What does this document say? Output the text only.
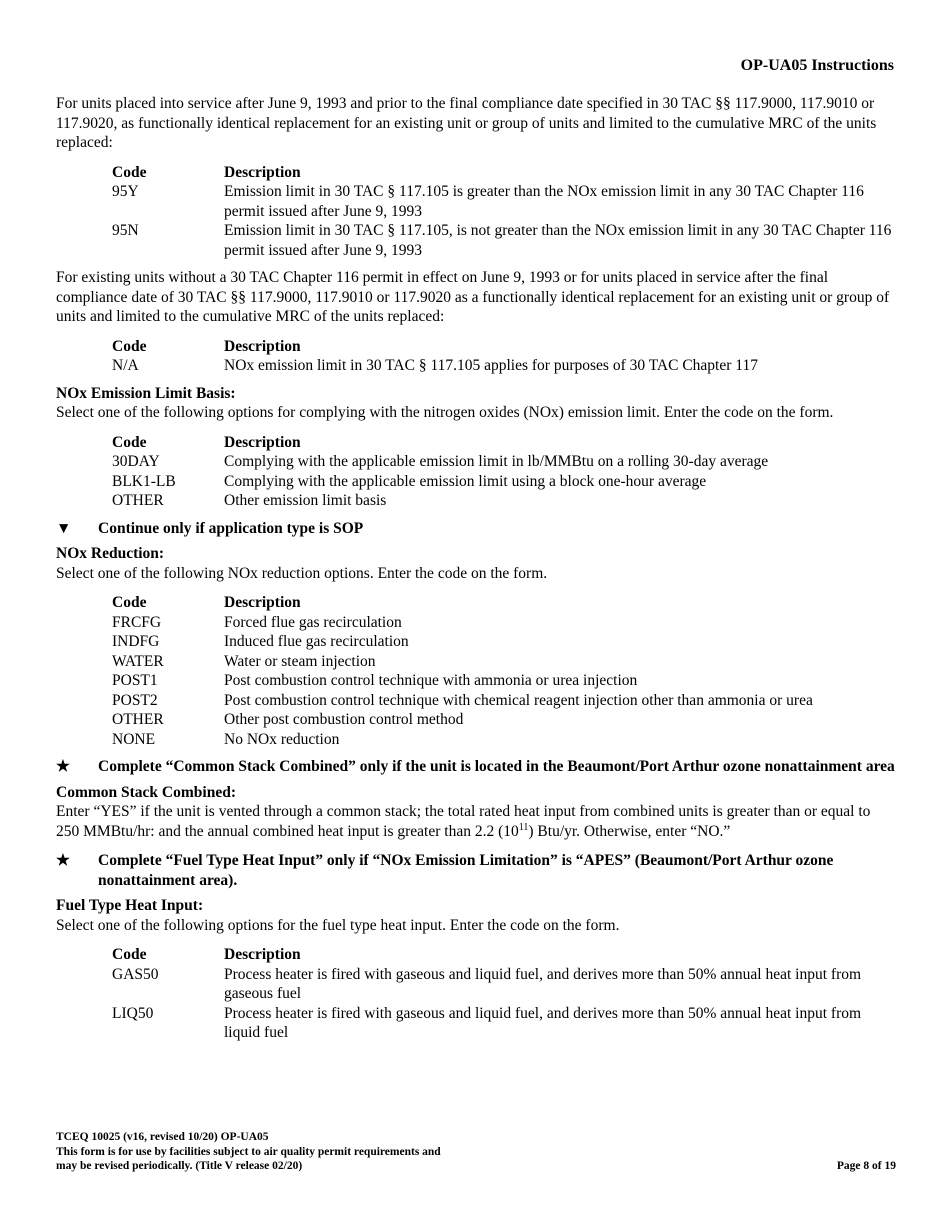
OP-UA05 Instructions

For units placed into service after June 9, 1993 and prior to the final compliance date specified in 30 TAC §§ 117.9000, 117.9010 or 117.9020, as functionally identical replacement for an existing unit or group of units and limited to the cumulative MRC of the units replaced:

Code	Description
95Y	Emission limit in 30 TAC § 117.105 is greater than the NOx emission limit in any 30 TAC Chapter 116 permit issued after June 9, 1993
95N	Emission limit in 30 TAC § 117.105, is not greater than the NOx emission limit in any 30 TAC Chapter 116 permit issued after June 9, 1993

For existing units without a 30 TAC Chapter 116 permit in effect on June 9, 1993 or for units placed in service after the final compliance date of 30 TAC §§ 117.9000, 117.9010 or 117.9020 as a functionally identical replacement for an existing unit or group of units and limited to the cumulative MRC of the units replaced:

Code	Description
N/A	NOx emission limit in 30 TAC § 117.105 applies for purposes of 30 TAC Chapter 117
NOx Emission Limit Basis:

Select one of the following options for complying with the nitrogen oxides (NOx) emission limit. Enter the code on the form.

Code	Description
30DAY	Complying with the applicable emission limit in lb/MMBtu on a rolling 30-day average
BLK1-LB	Complying with the applicable emission limit using a block one-hour average
OTHER	Other emission limit basis
▼	Continue only if application type is SOP
NOx Reduction:

Select one of the following NOx reduction options. Enter the code on the form.

Code	Description
FRCFG	Forced flue gas recirculation
INDFG	Induced flue gas recirculation
WATER	Water or steam injection
POST1	Post combustion control technique with ammonia or urea injection
POST2	Post combustion control technique with chemical reagent injection other than ammonia or urea
OTHER	Other post combustion control method
NONE	No NOx reduction
★	Complete “Common Stack Combined” only if the unit is located in the Beaumont/Port Arthur ozone nonattainment area
Common Stack Combined:

Enter “YES” if the unit is vented through a common stack; the total rated heat input from combined units is greater than or equal to 250 MMBtu/hr: and the annual combined heat input is greater than 2.2 $(10^{11})$ Btu/yr. Otherwise, enter “NO.”

★	Complete “Fuel Type Heat Input” only if “NOx Emission Limitation” is “APES” (Beaumont/Port Arthur ozone nonattainment area).
Fuel Type Heat Input:

Select one of the following options for the fuel type heat input. Enter the code on the form.

Code	Description
GAS50	Process heater is fired with gaseous and liquid fuel, and derives more than 50% annual heat input from gaseous fuel
LIQ50	Process heater is fired with gaseous and liquid fuel, and derives more than 50% annual heat input from liquid fuel
TCEQ 10025 (v16, revised 10/20) OP-UA05
This form is for use by facilities subject to air quality permit requirements and
may be revised periodically. (Title V release 02/20)	Page 8 of 19
